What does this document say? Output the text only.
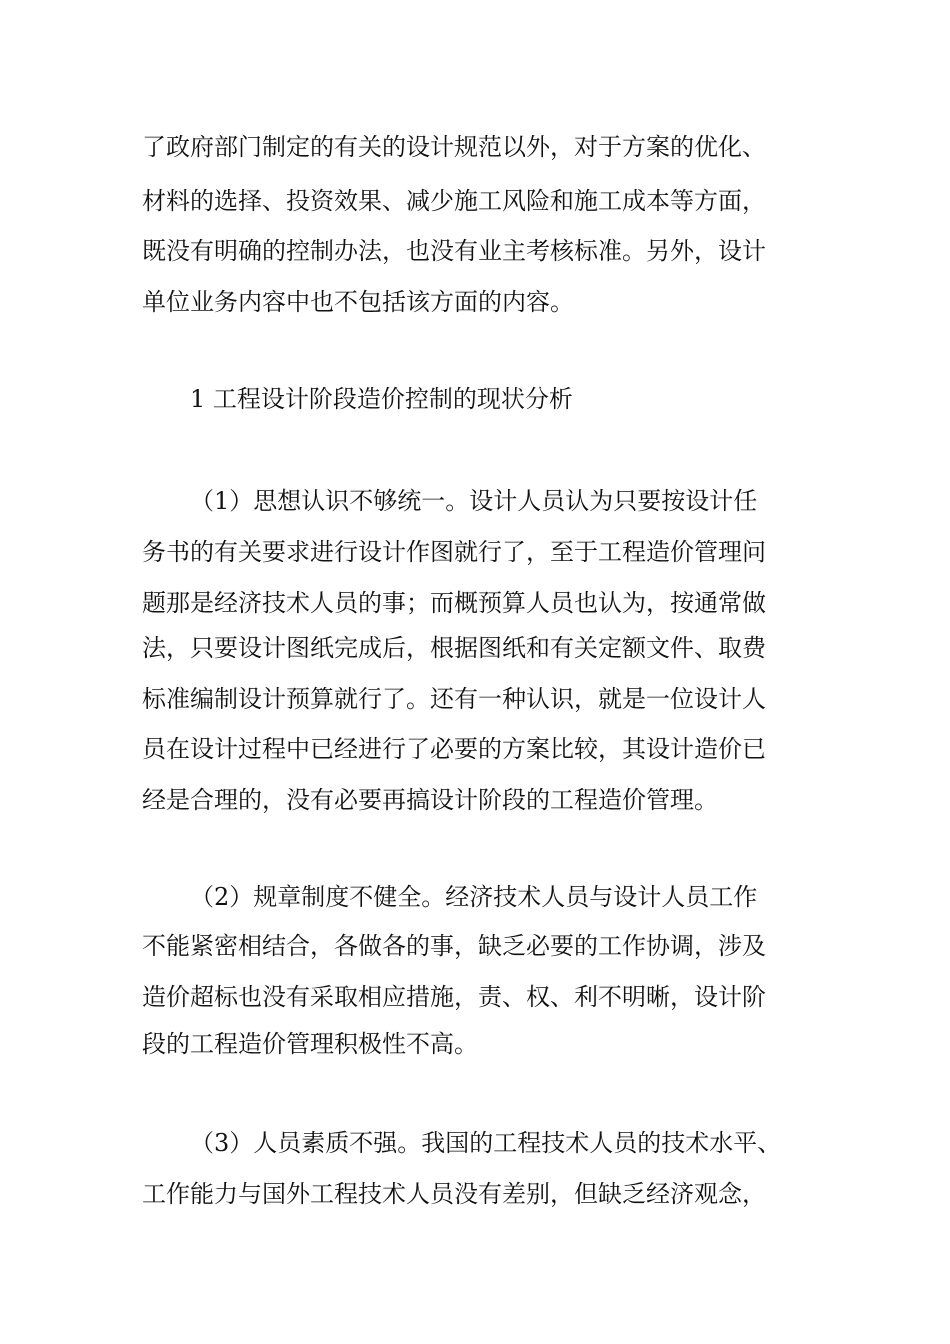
了政府部门制定的有关的设计规范以外，对于方案的优化、
材料的选择、投资效果、减少施工风险和施工成本等方面，
既没有明确的控制办法，也没有业主考核标准。另外，设计
单位业务内容中也不包括该方面的内容。
1 工程设计阶段造价控制的现状分析
（1）思想认识不够统一。设计人员认为只要按设计任
务书的有关要求进行设计作图就行了，至于工程造价管理问
题那是经济技术人员的事；而概预算人员也认为，按通常做
法，只要设计图纸完成后，根据图纸和有关定额文件、取费
标准编制设计预算就行了。还有一种认识，就是一位设计人
员在设计过程中已经进行了必要的方案比较，其设计造价已
经是合理的，没有必要再搞设计阶段的工程造价管理。
（2）规章制度不健全。经济技术人员与设计人员工作
不能紧密相结合，各做各的事，缺乏必要的工作协调，涉及
造价超标也没有采取相应措施，责、权、利不明晰，设计阶
段的工程造价管理积极性不高。
（3）人员素质不强。我国的工程技术人员的技术水平、
工作能力与国外工程技术人员没有差别，但缺乏经济观念，
